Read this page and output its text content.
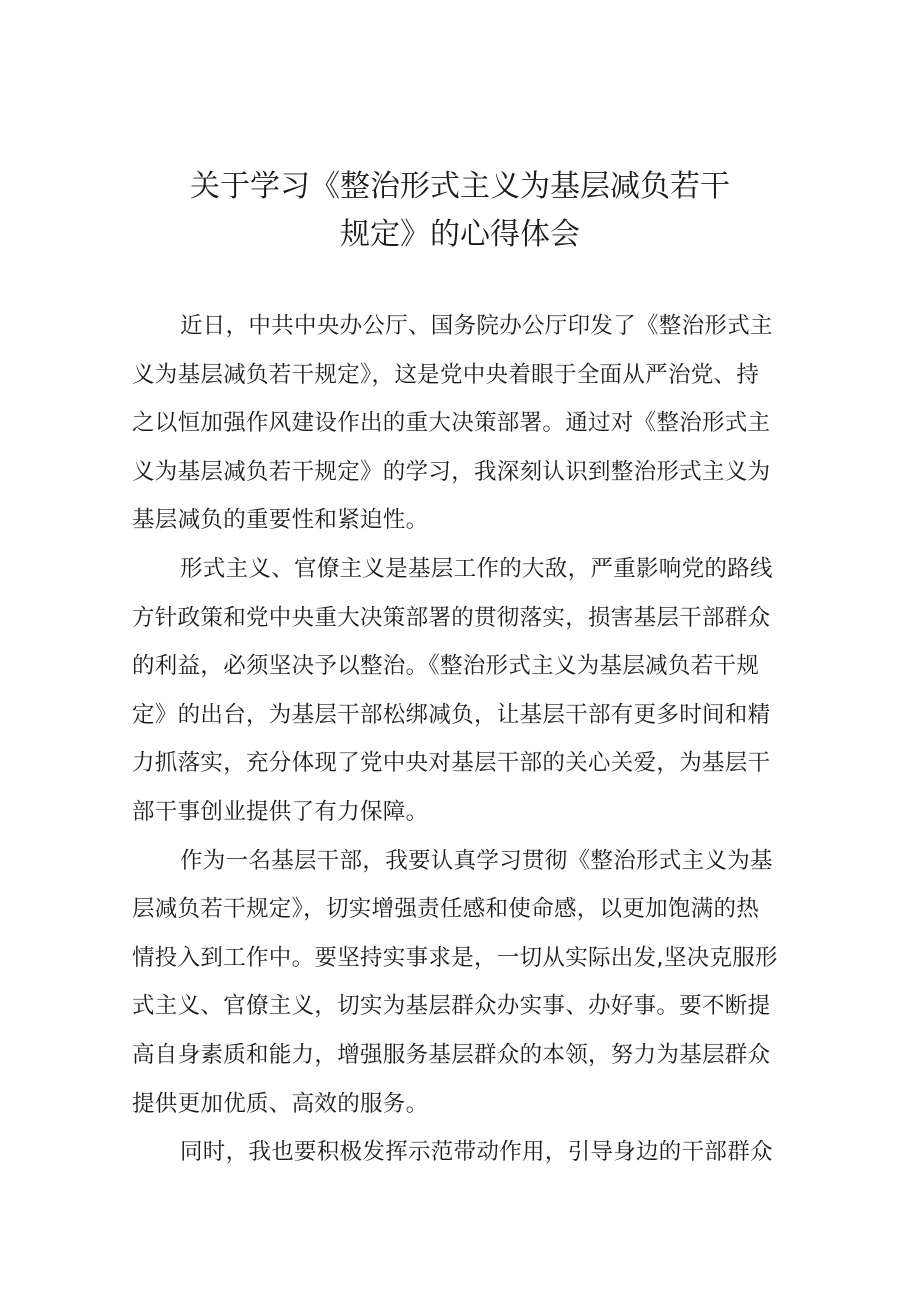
关于学习《整治形式主义为基层减负若干
规定》的心得体会
近日，中共中央办公厅、国务院办公厅印发了《整治形式主
义为基层减负若干规定》，这是党中央着眼于全面从严治党、持
之以恒加强作风建设作出的重大决策部署。通过对《整治形式主
义为基层减负若干规定》的学习，我深刻认识到整治形式主义为
基层减负的重要性和紧迫性。
形式主义、官僚主义是基层工作的大敌，严重影响党的路线
方针政策和党中央重大决策部署的贯彻落实，损害基层干部群众
的利益，必须坚决予以整治。《整治形式主义为基层减负若干规
定》的出台，为基层干部松绑减负，让基层干部有更多时间和精
力抓落实，充分体现了党中央对基层干部的关心关爱，为基层干
部干事创业提供了有力保障。
作为一名基层干部，我要认真学习贯彻《整治形式主义为基
层减负若干规定》，切实增强责任感和使命感，以更加饱满的热
情投入到工作中。要坚持实事求是，一切从实际出发,坚决克服形
式主义、官僚主义，切实为基层群众办实事、办好事。要不断提
高自身素质和能力，增强服务基层群众的本领，努力为基层群众
提供更加优质、高效的服务。
同时，我也要积极发挥示范带动作用，引导身边的干部群众
